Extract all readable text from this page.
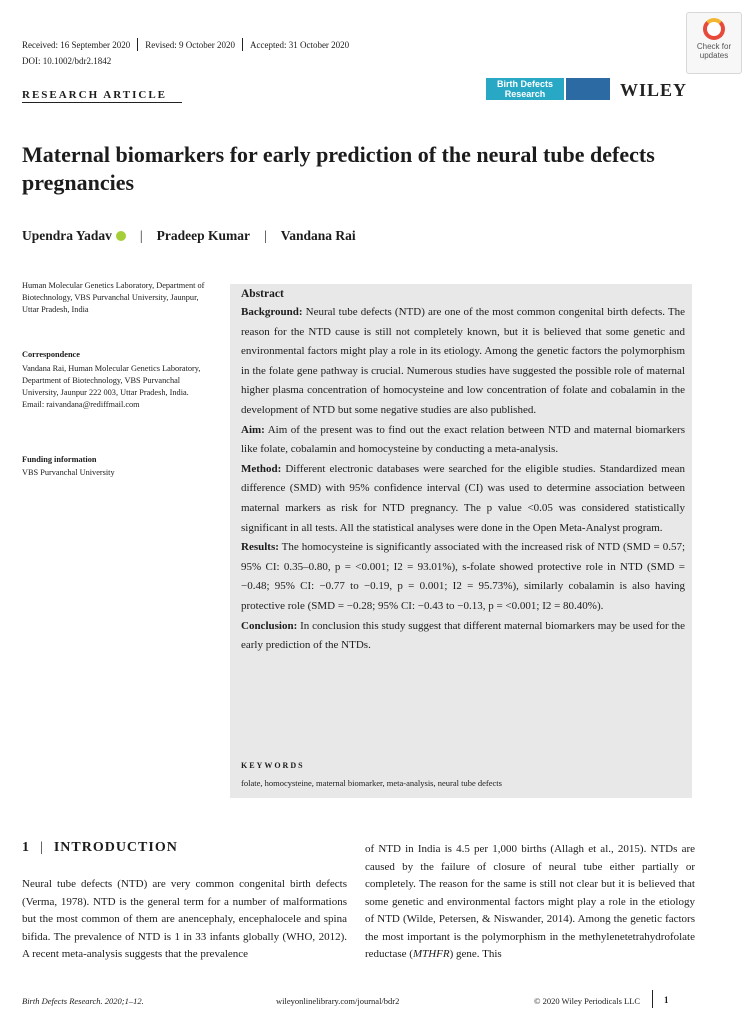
Received: 16 September 2020 Revised: 9 October 2020 Accepted: 31 October 2020
DOI: 10.1002/bdr2.1842
Check for
updates
RESEARCH ARTICLE
Birth Defects
Research	WILEY
Maternal biomarkers for early prediction of the neural tube defects pregnancies
Upendra Yadav | Pradeep Kumar | Vandana Rai
Human Molecular Genetics Laboratory, Department of Biotechnology, VBS Purvanchal University, Jaunpur, Uttar Pradesh, India
Correspondence
Vandana Rai, Human Molecular Genetics Laboratory, Department of Biotechnology, VBS Purvanchal University, Jaunpur 222 003, Uttar Pradesh, India.
Email: raivandana@rediffmail.com
Funding information
VBS Purvanchal University
Abstract

Background: Neural tube defects (NTD) are one of the most common congenital birth defects. The reason for the NTD cause is still not completely known, but it is believed that some genetic and environmental factors might play a role in its etiology. Among the genetic factors the polymorphism in the folate gene pathway is crucial. Numerous studies have suggested the possible role of maternal higher plasma concentration of homocysteine and low concentration of folate and cobalamin in the development of NTD but some negative studies are also published.

Aim: Aim of the present was to find out the exact relation between NTD and maternal biomarkers like folate, cobalamin and homocysteine by conducting a meta-analysis.

Method: Different electronic databases were searched for the eligible studies. Standardized mean difference (SMD) with 95% confidence interval (CI) was used to determine association between maternal markers as risk for NTD pregnancy. The p value <0.05 was considered statistically significant in all tests. All the statistical analyses were done in the Open Meta-Analyst program.

Results: The homocysteine is significantly associated with the increased risk of NTD (SMD = 0.57; 95% CI: 0.35–0.80, p = <0.001; I2 = 93.01%), s-folate showed protective role in NTD (SMD = −0.48; 95% CI: −0.77 to −0.19, p = 0.001; I2 = 95.73%), similarly cobalamin is also having protective role (SMD = −0.28; 95% CI: −0.43 to −0.13, p = <0.001; I2 = 80.40%).

Conclusion: In conclusion this study suggest that different maternal biomarkers may be used for the early prediction of the NTDs.

KEYWORDS
folate, homocysteine, maternal biomarker, meta-analysis, neural tube defects
1 | INTRODUCTION

Neural tube defects (NTD) are very common congenital birth defects (Verma, 1978). NTD is the general term for a number of malformations but the most common of them are anencephaly, encephalocele and spina bifida. The prevalence of NTD is 1 in 33 infants globally (WHO, 2012). A recent meta-analysis suggests that the prevalence

of NTD in India is 4.5 per 1,000 births (Allagh et al., 2015). NTDs are caused by the failure of closure of neural tube either partially or completely. The reason for the same is still not clear but it is believed that some genetic and environmental factors might play a role in the etiology of NTD (Wilde, Petersen, & Niswander, 2014). Among the genetic factors the most important is the polymorphism in the methylenetetrahydrofolate reductase (MTHFR) gene. This

Birth Defects Research. 2020;1–12.	wileyonlinelibrary.com/journal/bdr2	© 2020 Wiley Periodicals LLC	1
